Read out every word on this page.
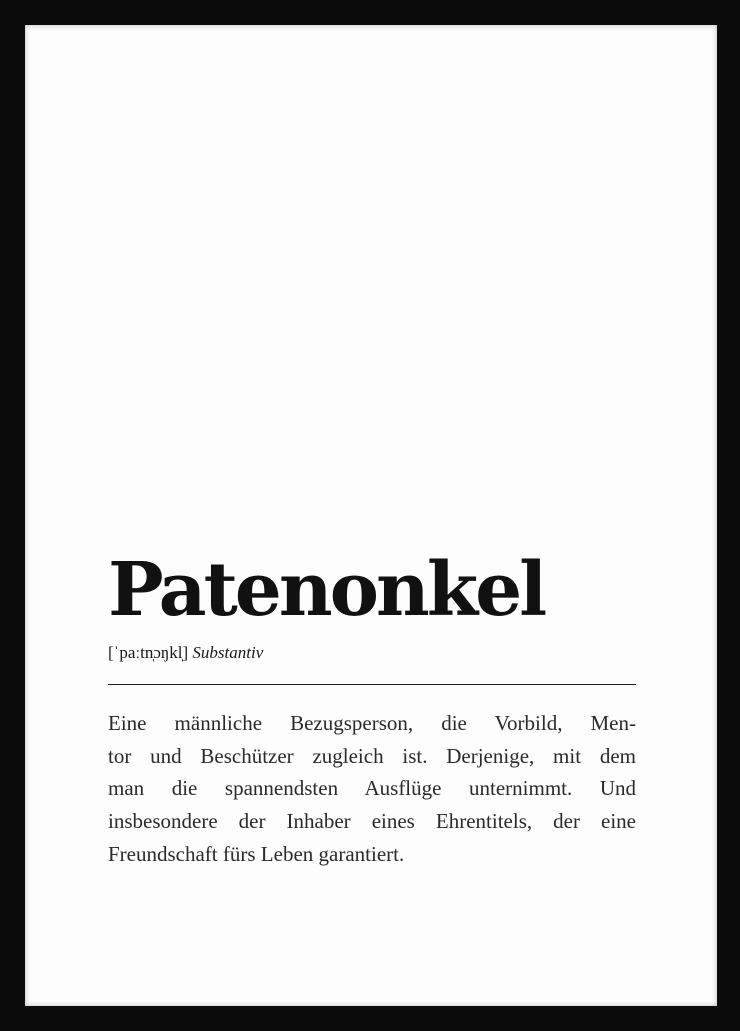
Patenonkel
[ˈpaːtn̩ɔŋkl̩] Substantiv
Eine männliche Bezugsperson, die Vorbild, Men-
tor und Beschützer zugleich ist. Derjenige, mit dem
man die spannendsten Ausflüge unternimmt. Und
insbesondere der Inhaber eines Ehrentitels, der eine
Freundschaft fürs Leben garantiert.
